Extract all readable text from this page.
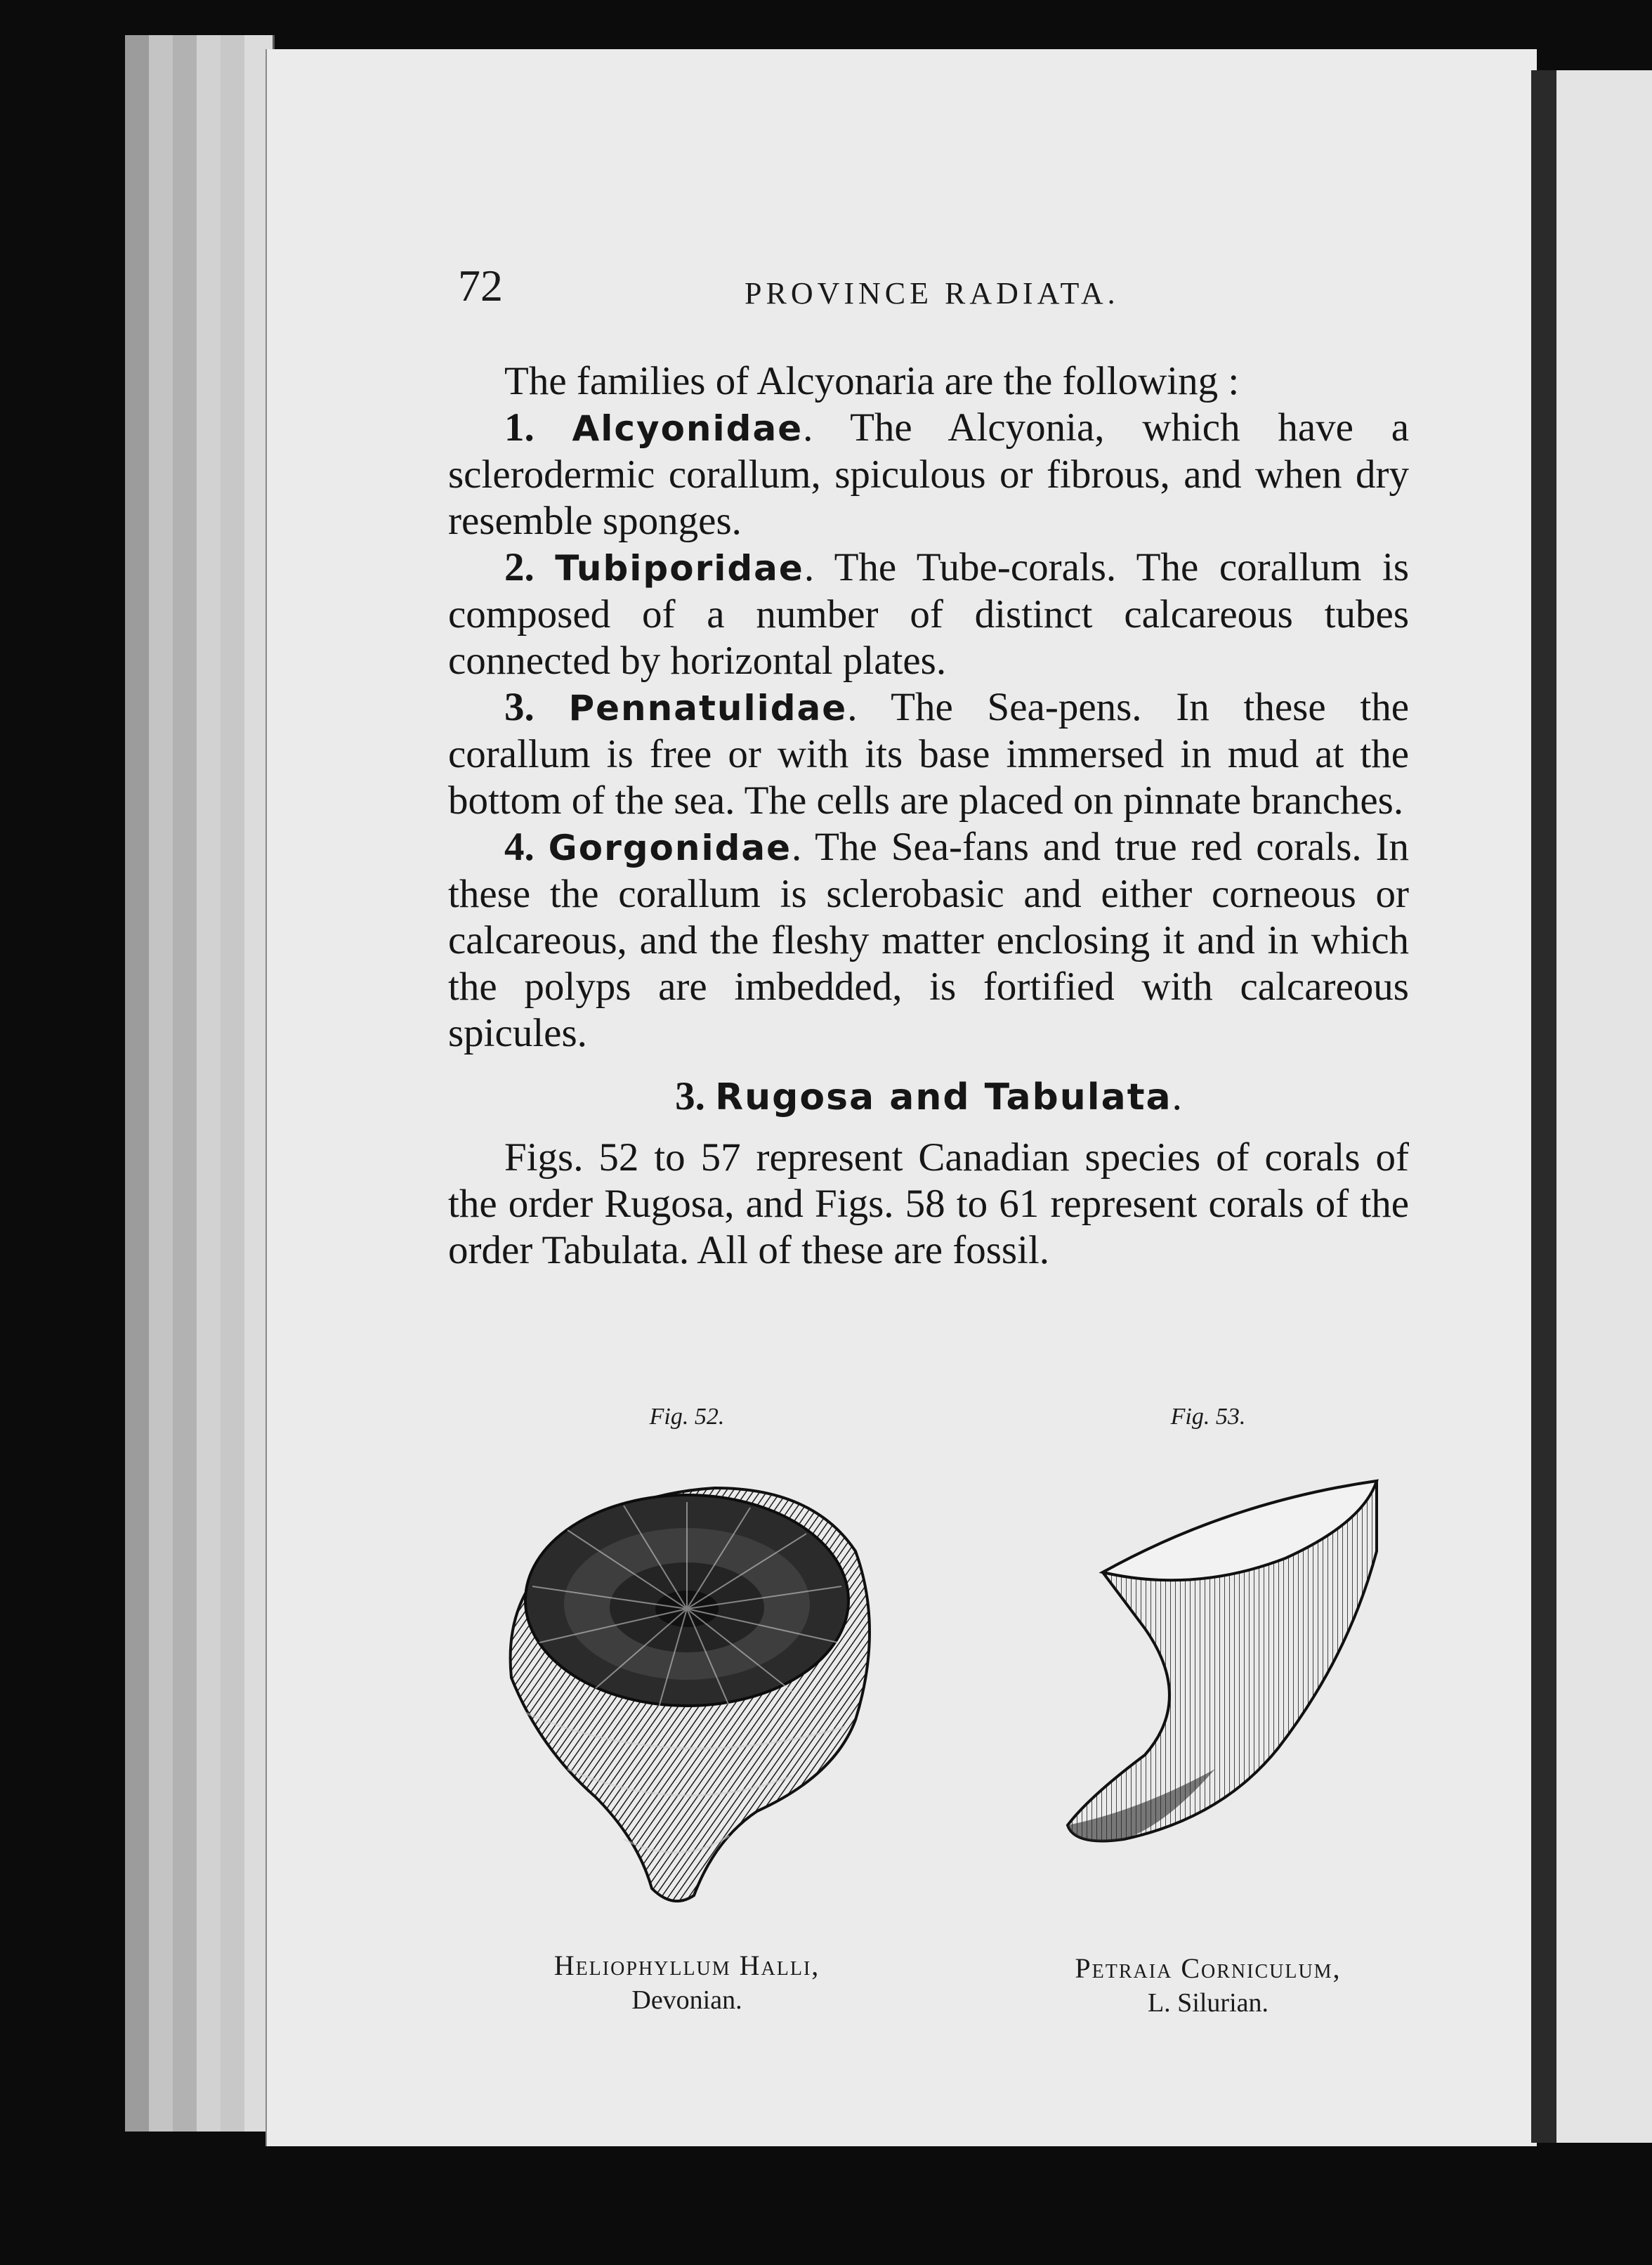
72	PROVINCE RADIATA.

The families of Alcyonaria are the following :

1. Alcyonidae. The Alcyonia, which have a sclerodermic corallum, spiculous or fibrous, and when dry resemble sponges.

2. Tubiporidae. The Tube-corals. The corallum is composed of a number of distinct calcareous tubes connected by horizontal plates.

3. Pennatulidae. The Sea-pens. In these the corallum is free or with its base immersed in mud at the bottom of the sea. The cells are placed on pinnate branches.

4. Gorgonidae. The Sea-fans and true red corals. In these the corallum is sclerobasic and either corneous or calcareous, and the fleshy matter enclosing it and in which the polyps are imbedded, is fortified with calcareous spicules.

3. Rugosa and Tabulata.

Figs. 52 to 57 represent Canadian species of corals of the order Rugosa, and Figs. 58 to 61 represent corals of the order Tabulata. All of these are fossil.

Fig. 52.
Heliophyllum Halli,
Devonian.
Fig. 53.
Petraia Corniculum,
L. Silurian.
